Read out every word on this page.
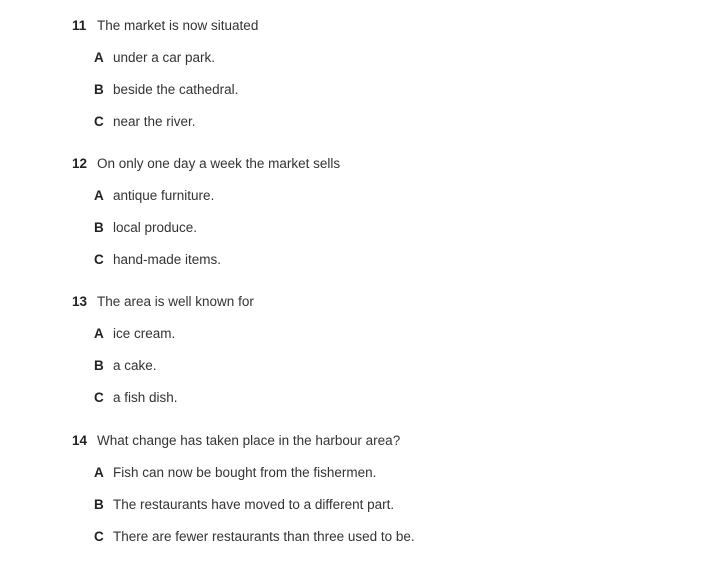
11 The market is now situated
A under a car park.
B beside the cathedral.
C near the river.
12 On only one day a week the market sells
A antique furniture.
B local produce.
C hand-made items.
13 The area is well known for
A ice cream.
B a cake.
C a fish dish.
14 What change has taken place in the harbour area?
A Fish can now be bought from the fishermen.
B The restaurants have moved to a different part.
C There are fewer restaurants than three used to be.
